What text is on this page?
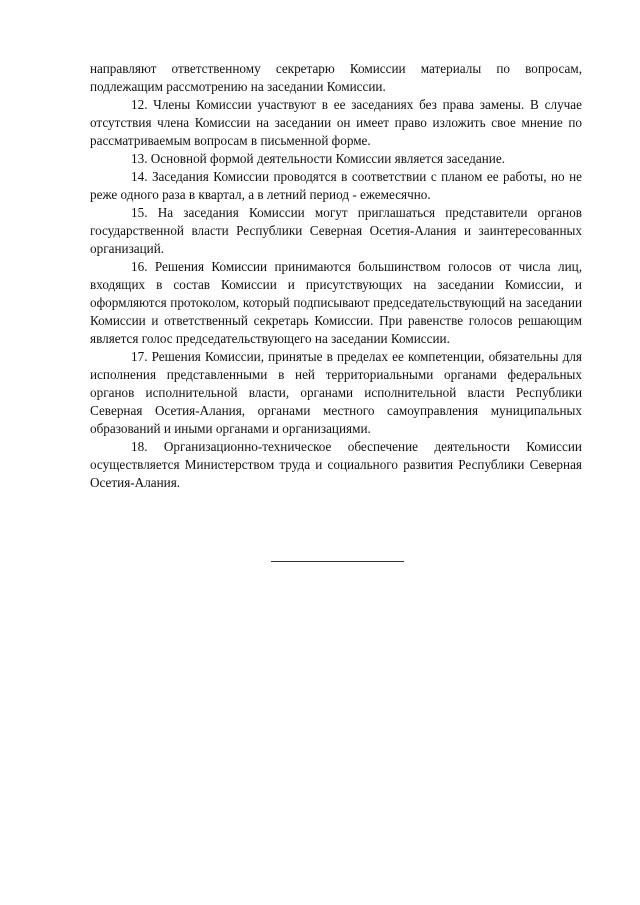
направляют ответственному секретарю Комиссии материалы по вопросам, подлежащим рассмотрению на заседании Комиссии.

12. Члены Комиссии участвуют в ее заседаниях без права замены. В случае отсутствия члена Комиссии на заседании он имеет право изложить свое мнение по рассматриваемым вопросам в письменной форме.

13. Основной формой деятельности Комиссии является заседание.

14. Заседания Комиссии проводятся в соответствии с планом ее работы, но не реже одного раза в квартал, а в летний период - ежемесячно.

15. На заседания Комиссии могут приглашаться представители органов государственной власти Республики Северная Осетия-Алания и заинтересованных организаций.

16. Решения Комиссии принимаются большинством голосов от числа лиц, входящих в состав Комиссии и присутствующих на заседании Комиссии, и оформляются протоколом, который подписывают председательствующий на заседании Комиссии и ответственный секретарь Комиссии. При равенстве голосов решающим является голос председательствующего на заседании Комиссии.

17. Решения Комиссии, принятые в пределах ее компетенции, обязательны для исполнения представленными в ней территориальными органами федеральных органов исполнительной власти, органами исполнительной власти Республики Северная Осетия-Алания, органами местного самоуправления муниципальных образований и иными органами и организациями.

18. Организационно-техническое обеспечение деятельности Комиссии осуществляется Министерством труда и социального развития Республики Северная Осетия-Алания.
